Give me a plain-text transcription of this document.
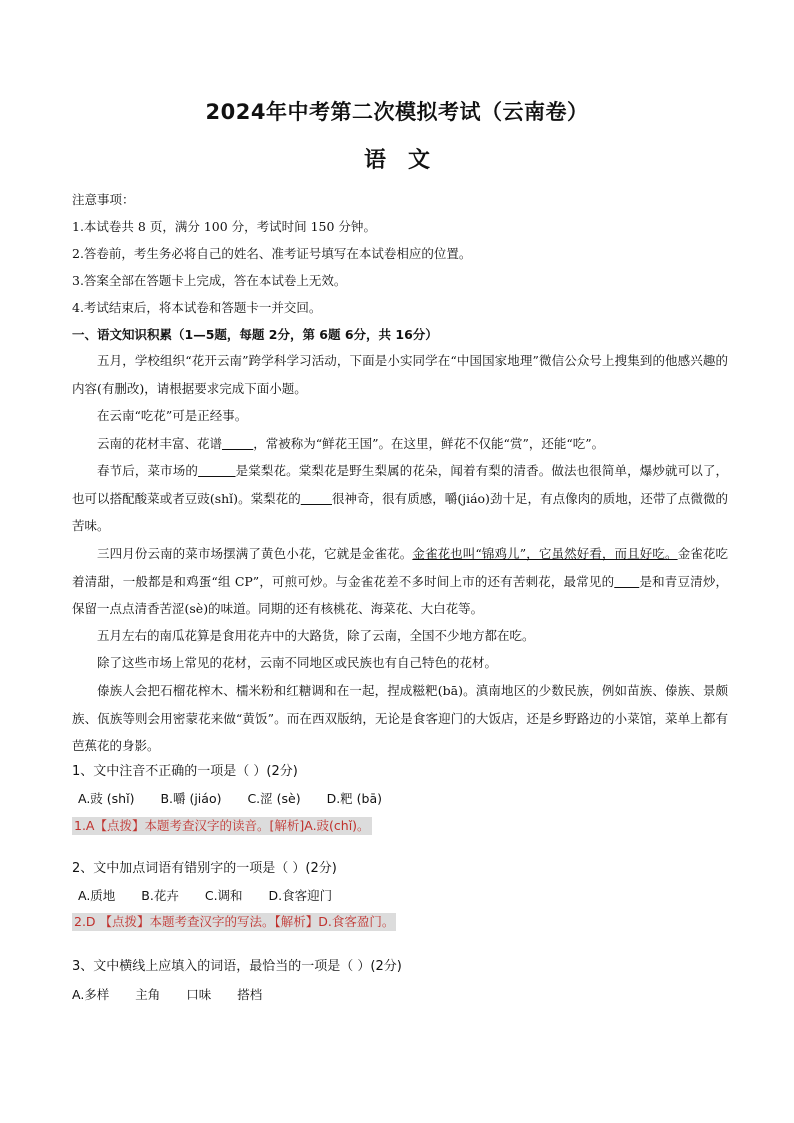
2024年中考第二次模拟考试（云南卷）
语文
注意事项：
1.本试卷共 8 页，满分 100 分，考试时间 150 分钟。
2.答卷前，考生务必将自己的姓名、准考证号填写在本试卷相应的位置。
3.答案全部在答题卡上完成，答在本试卷上无效。
4.考试结束后，将本试卷和答题卡一并交回。
一、语文知识积累（1—5题，每题 2分，第 6题 6分，共 16分）
五月，学校组织“花开云南”跨学科学习活动，下面是小实同学在“中国国家地理”微信公众号上搜集到的他感兴趣的内容(有删改)，请根据要求完成下面小题。
在云南“吃花”可是正经事。
云南的花材丰富、花谱     	，常被称为“鲜花王国”。在这里，鲜花不仅能“赏”，还能“吃”。
春节后，菜市场的      	是棠梨花。棠梨花是野生梨属的花朵，闻着有梨的清香。做法也很简单，爆炒就可以了，也可以搭配酸菜或者豆豉(shǐ)。棠梨花的     	很神奇，很有质感，嚼(jiáo)劲十足，有点像肉的质地，还带了点微微的苦味。
三四月份云南的菜市场摆满了黄色小花，它就是金雀花。金雀花也叫“锦鸡儿”，它虽然好看，而且好吃。金雀花吃着清甜，一般都是和鸡蛋“组 CP”，可煎可炒。与金雀花差不多时间上市的还有苦刺花，最常见的     是和青豆清炒，保留一点点清香苦涩(sè)的味道。同期的还有核桃花、海菜花、大白花等。
五月左右的南瓜花算是食用花卉中的大路货，除了云南，全国不少地方都在吃。
除了这些市场上常见的花材，云南不同地区或民族也有自己特色的花材。
傣族人会把石榴花榨木、檽米粉和红糖调和在一起，捏成糍粑(bā)。滇南地区的少数民族，例如苗族、傣族、景颇族、佤族等则会用密蒙花来做“黄饭”。而在西双版纳，无论是食客迎门的大饭店，还是乡野路边的小菜馆，菜单上都有芭蕉花的身影。
1、文中注音不正确的一项是（ ）(2分)
A.豉 (shǐ) B.嚼 (jiáo) C.涩 (sè) D.粑 (bā)
1.A【点拨】本题考查汉字的读音。[解析]A.豉(chǐ)。
2、文中加点词语有错别字的一项是（ ）(2分)
A.质地 B.花卉 C.调和 D.食客迎门
2.D 【点拨】本题考查汉字的写法。【解析】D.食客盈门。
3、文中横线上应填入的词语，最恰当的一项是（ ）(2分)
A.多样 主角 口味 搭档
